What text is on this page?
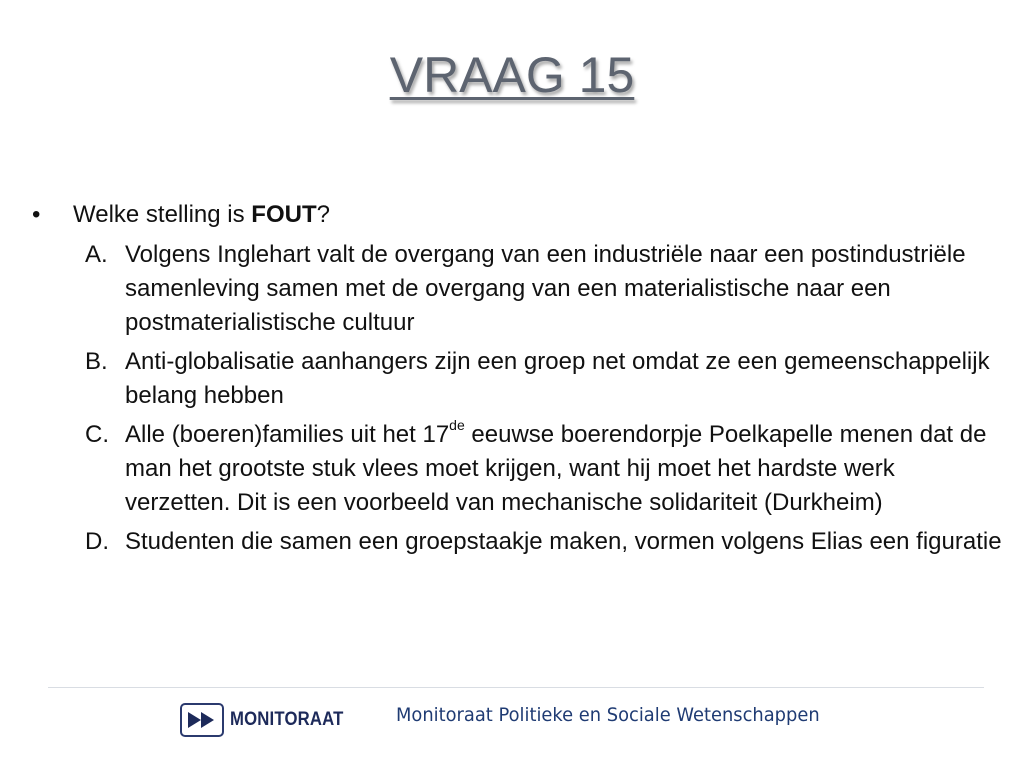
VRAAG 15

• Welke stelling is FOUT?

A. Volgens Inglehart valt de overgang van een industriële naar een postindustriële samenleving samen met de overgang van een materialistische naar een postmaterialistische cultuur
B. Anti-globalisatie aanhangers zijn een groep net omdat ze een gemeenschappelijk belang hebben
C. Alle (boeren)families uit het 17de eeuwse boerendorpje Poelkapelle menen dat de man het grootste stuk vlees moet krijgen, want hij moet het hardste werk verzetten. Dit is een voorbeeld van mechanische solidariteit (Durkheim)
D. Studenten die samen een groepstaakje maken, vormen volgens Elias een figuratie
MONITORAAT	Monitoraat Politieke en Sociale Wetenschappen
